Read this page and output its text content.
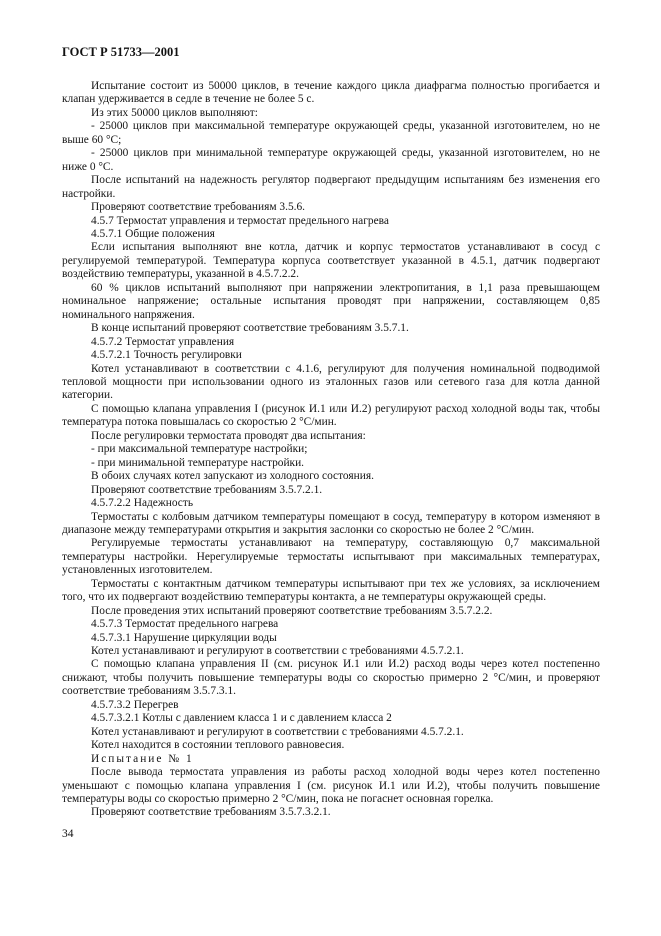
ГОСТ Р 51733—2001

Испытание состоит из 50000 циклов, в течение каждого цикла диафрагма полностью прогибается и клапан удерживается в седле в течение не более 5 с.

Из этих 50000 циклов выполняют:

- 25000 циклов при максимальной температуре окружающей среды, указанной изготовителем, но не выше 60 °С;

- 25000 циклов при минимальной температуре окружающей среды, указанной изготовителем, но не ниже 0 °С.

После испытаний на надежность регулятор подвергают предыдущим испытаниям без изменения его настройки.

Проверяют соответствие требованиям 3.5.6.

4.5.7 Термостат управления и термостат предельного нагрева

4.5.7.1 Общие положения

Если испытания выполняют вне котла, датчик и корпус термостатов устанавливают в сосуд с регулируемой температурой. Температура корпуса соответствует указанной в 4.5.1, датчик подвергают воздействию температуры, указанной в 4.5.7.2.2.

60 % циклов испытаний выполняют при напряжении электропитания, в 1,1 раза превышающем номинальное напряжение; остальные испытания проводят при напряжении, составляющем 0,85 номинального напряжения.

В конце испытаний проверяют соответствие требованиям 3.5.7.1.

4.5.7.2 Термостат управления

4.5.7.2.1 Точность регулировки

Котел устанавливают в соответствии с 4.1.6, регулируют для получения номинальной подводимой тепловой мощности при использовании одного из эталонных газов или сетевого газа для котла данной категории.

С помощью клапана управления I (рисунок И.1 или И.2) регулируют расход холодной воды так, чтобы температура потока повышалась со скоростью 2 °С/мин.

После регулировки термостата проводят два испытания:

- при максимальной температуре настройки;

- при минимальной температуре настройки.

В обоих случаях котел запускают из холодного состояния.

Проверяют соответствие требованиям 3.5.7.2.1.

4.5.7.2.2 Надежность

Термостаты с колбовым датчиком температуры помещают в сосуд, температуру в котором изменяют в диапазоне между температурами открытия и закрытия заслонки со скоростью не более 2 °С/мин.

Регулируемые термостаты устанавливают на температуру, составляющую 0,7 максимальной температуры настройки. Нерегулируемые термостаты испытывают при максимальных температурах, установленных изготовителем.

Термостаты с контактным датчиком температуры испытывают при тех же условиях, за исключением того, что их подвергают воздействию температуры контакта, а не температуры окружающей среды.

После проведения этих испытаний проверяют соответствие требованиям 3.5.7.2.2.

4.5.7.3 Термостат предельного нагрева

4.5.7.3.1 Нарушение циркуляции воды

Котел устанавливают и регулируют в соответствии с требованиями 4.5.7.2.1.

С помощью клапана управления II (см. рисунок И.1 или И.2) расход воды через котел постепенно снижают, чтобы получить повышение температуры воды со скоростью примерно 2 °С/мин, и проверяют соответствие требованиям 3.5.7.3.1.

4.5.7.3.2 Перегрев

4.5.7.3.2.1 Котлы с давлением класса 1 и с давлением класса 2

Котел устанавливают и регулируют в соответствии с требованиями 4.5.7.2.1.

Котел находится в состоянии теплового равновесия.

Испытание № 1

После вывода термостата управления из работы расход холодной воды через котел постепенно уменьшают с помощью клапана управления I (см. рисунок И.1 или И.2), чтобы получить повышение температуры воды со скоростью примерно 2 °С/мин, пока не погаснет основная горелка.

Проверяют соответствие требованиям 3.5.7.3.2.1.

34
